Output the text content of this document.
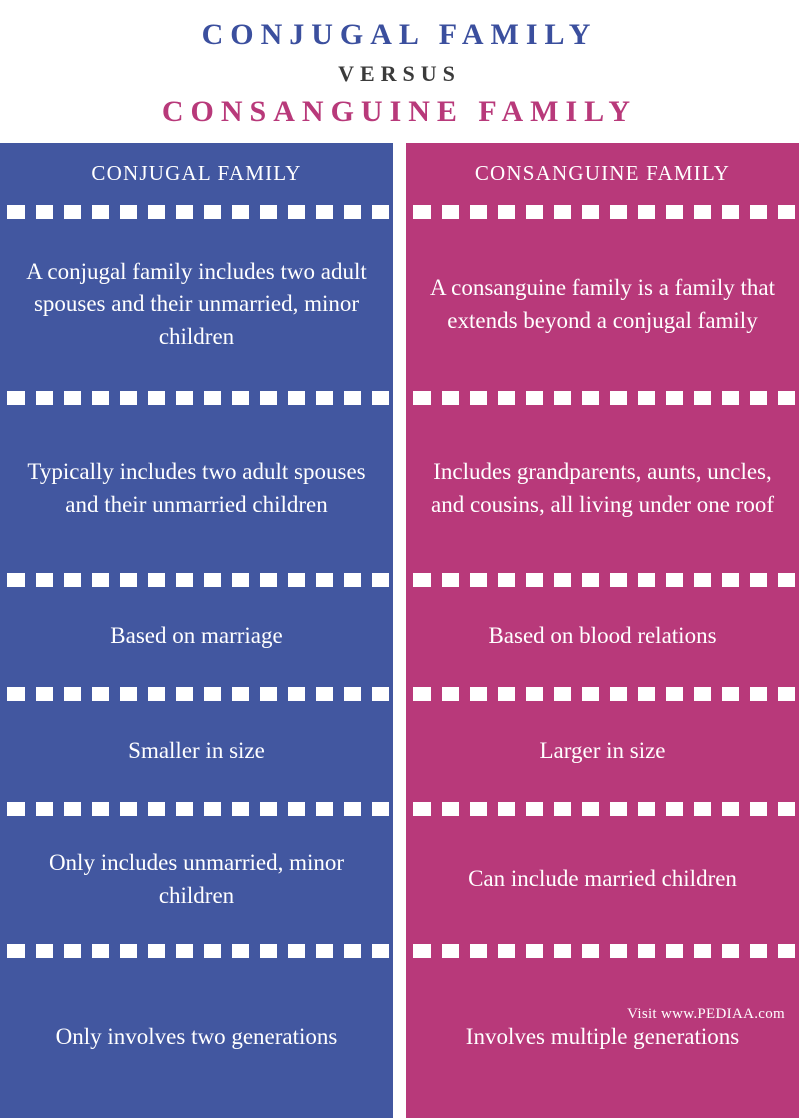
CONJUGAL FAMILY
VERSUS
CONSANGUINE FAMILY
CONJUGAL FAMILY
A conjugal family includes two adult spouses and their unmarried, minor children
Typically includes two adult spouses and their unmarried children
Based on marriage
Smaller in size
Only includes unmarried, minor children
Only involves two generations
CONSANGUINE FAMILY
A consanguine family is a family that extends beyond a conjugal family
Includes grandparents, aunts, uncles, and cousins, all living under one roof
Based on blood relations
Larger in size
Can include married children
Involves multiple generations
Visit www.PEDIAA.com
